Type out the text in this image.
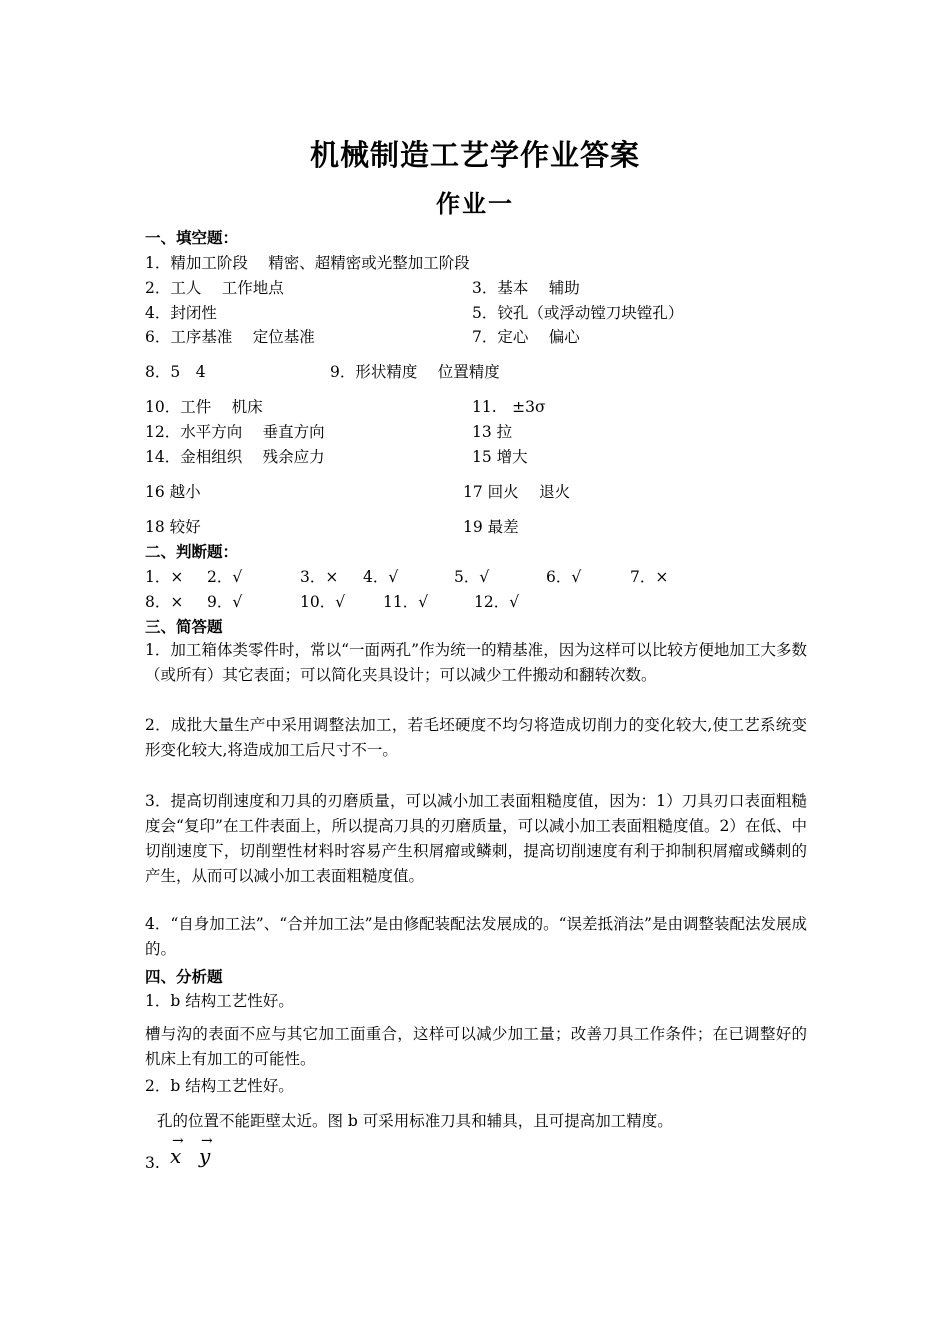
机械制造工艺学作业答案
作业一
一、填空题：
1．精加工阶段　 精密、超精密或光整加工阶段
2．工人　 工作地点	3．基本　 辅助
4．封闭性	5．铰孔（或浮动镗刀块镗孔）
6．工序基准　 定位基准	7．定心　 偏心
8．5　4	9．形状精度　 位置精度
10．工件　 机床	11.　±3σ
12．水平方向　 垂直方向	13 拉
14．金相组织　 残余应力	15 增大
16 越小	17 回火　 退火
18 较好	19 最差
二、判断题：
1．× 2．√	3．× 4．√	5．√	6．√	7．×
8．× 9．√	10．√ 11．√	12．√
三、简答题
1．加工箱体类零件时，常以“一面两孔”作为统一的精基准，因为这样可以比较方便地加工大多数（或所有）其它表面；可以简化夹具设计；可以减少工件搬动和翻转次数。
2．成批大量生产中采用调整法加工，若毛坯硬度不均匀将造成切削力的变化较大,使工艺系统变形变化较大,将造成加工后尺寸不一。
3．提高切削速度和刀具的刃磨质量，可以减小加工表面粗糙度值，因为：1）刀具刃口表面粗糙度会“复印”在工件表面上，所以提高刀具的刃磨质量，可以减小加工表面粗糙度值。2）在低、中切削速度下，切削塑性材料时容易产生积屑瘤或鳞刺，提高切削速度有利于抑制积屑瘤或鳞刺的产生，从而可以减小加工表面粗糙度值。
4．“自身加工法”、“合并加工法”是由修配装配法发展成的。“误差抵消法”是由调整装配法发展成的。
四、分析题
1．b 结构工艺性好。
槽与沟的表面不应与其它加工面重合，这样可以减少加工量；改善刀具工作条件；在已调整好的机床上有加工的可能性。
2．b 结构工艺性好。
孔的位置不能距壁太近。图 b 可采用标准刀具和辅具，且可提高加工精度。
3. x
→
y
→
